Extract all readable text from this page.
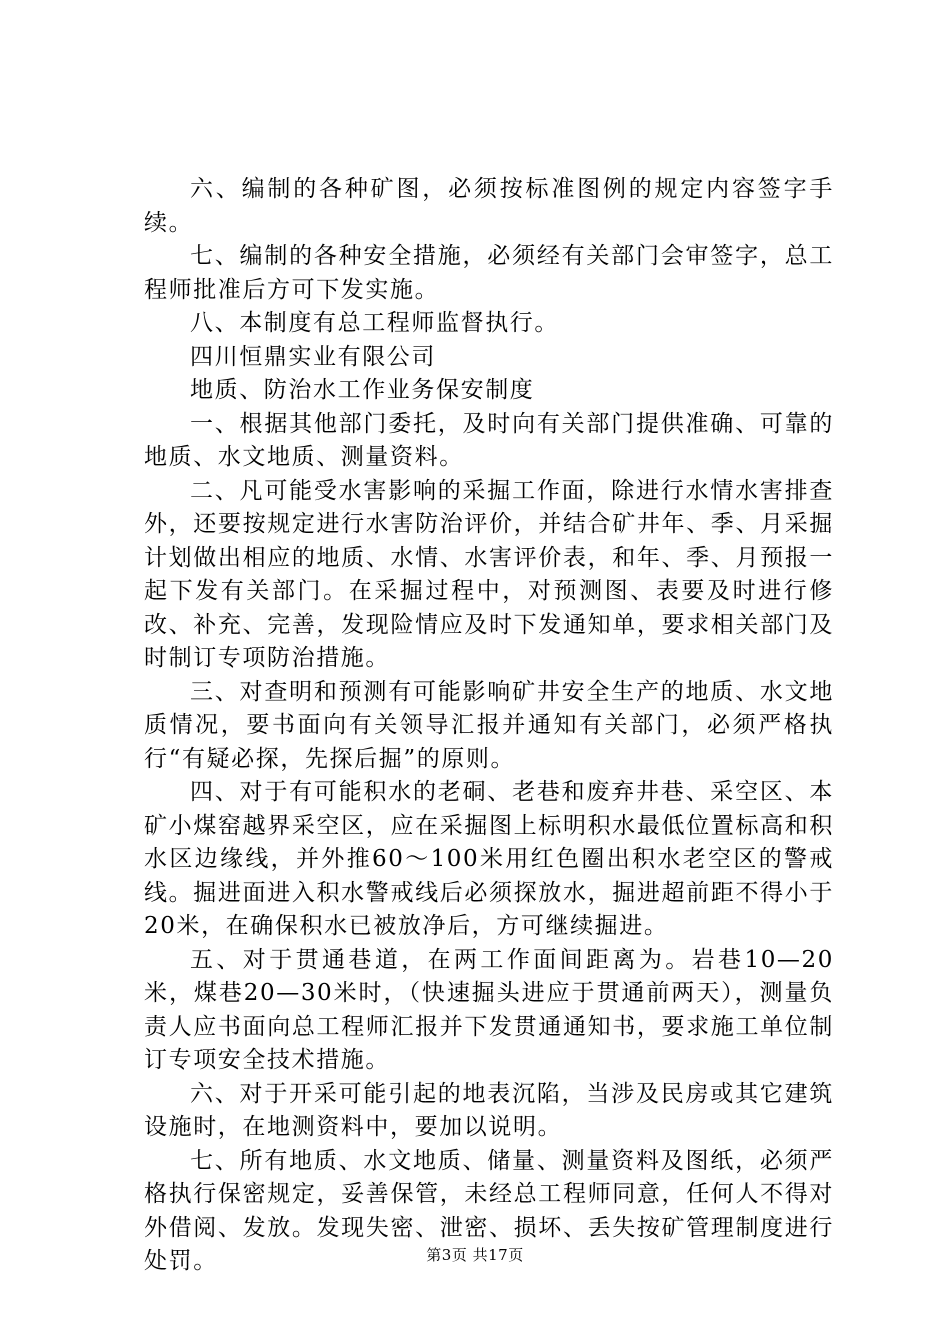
六、编制的各种矿图，必须按标准图例的规定内容签字手续。

七、编制的各种安全措施，必须经有关部门会审签字，总工程师批准后方可下发实施。

八、本制度有总工程师监督执行。

四川恒鼎实业有限公司

地质、防治水工作业务保安制度

一、根据其他部门委托，及时向有关部门提供准确、可靠的地质、水文地质、测量资料。

二、凡可能受水害影响的采掘工作面，除进行水情水害排查外，还要按规定进行水害防治评价，并结合矿井年、季、月采掘计划做出相应的地质、水情、水害评价表，和年、季、月预报一起下发有关部门。在采掘过程中，对预测图、表要及时进行修改、补充、完善，发现险情应及时下发通知单，要求相关部门及时制订专项防治措施。

三、对查明和预测有可能影响矿井安全生产的地质、水文地质情况，要书面向有关领导汇报并通知有关部门，必须严格执行“有疑必探，先探后掘”的原则。

四、对于有可能积水的老硐、老巷和废弃井巷、采空区、本矿小煤窑越界采空区，应在采掘图上标明积水最低位置标高和积水区边缘线，并外推60～100米用红色圈出积水老空区的警戒线。掘进面进入积水警戒线后必须探放水，掘进超前距不得小于20米，在确保积水已被放净后，方可继续掘进。

五、对于贯通巷道，在两工作面间距离为。岩巷10—20米，煤巷20—30米时，（快速掘头进应于贯通前两天），测量负责人应书面向总工程师汇报并下发贯通通知书，要求施工单位制订专项安全技术措施。

六、对于开采可能引起的地表沉陷，当涉及民房或其它建筑设施时，在地测资料中，要加以说明。

七、所有地质、水文地质、储量、测量资料及图纸，必须严格执行保密规定，妥善保管，未经总工程师同意，任何人不得对外借阅、发放。发现失密、泄密、损坏、丢失按矿管理制度进行处罚。	第3页 共17页
